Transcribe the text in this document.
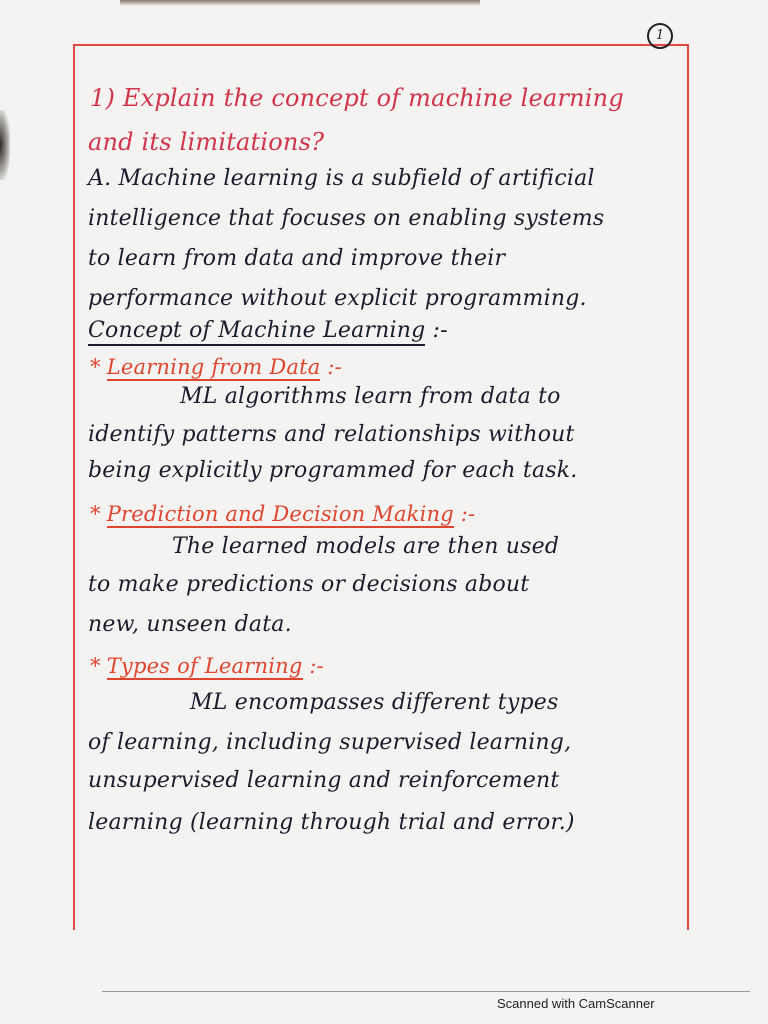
1
1) Explain the concept of machine learning
and its limitations?
A. Machine learning is a subfield of artificial
intelligence that focuses on enabling systems
to learn from data and improve their
performance without explicit programming.
Concept of Machine Learning :-
* Learning from Data :-
ML algorithms learn from data to
identify patterns and relationships without
being explicitly programmed for each task.
* Prediction and Decision Making :-
The learned models are then used
to make predictions or decisions about
new, unseen data.
* Types of Learning :-
ML encompasses different types
of learning, including supervised learning,
unsupervised learning and reinforcement
learning (learning through trial and error.)
Scanned with CamScanner
